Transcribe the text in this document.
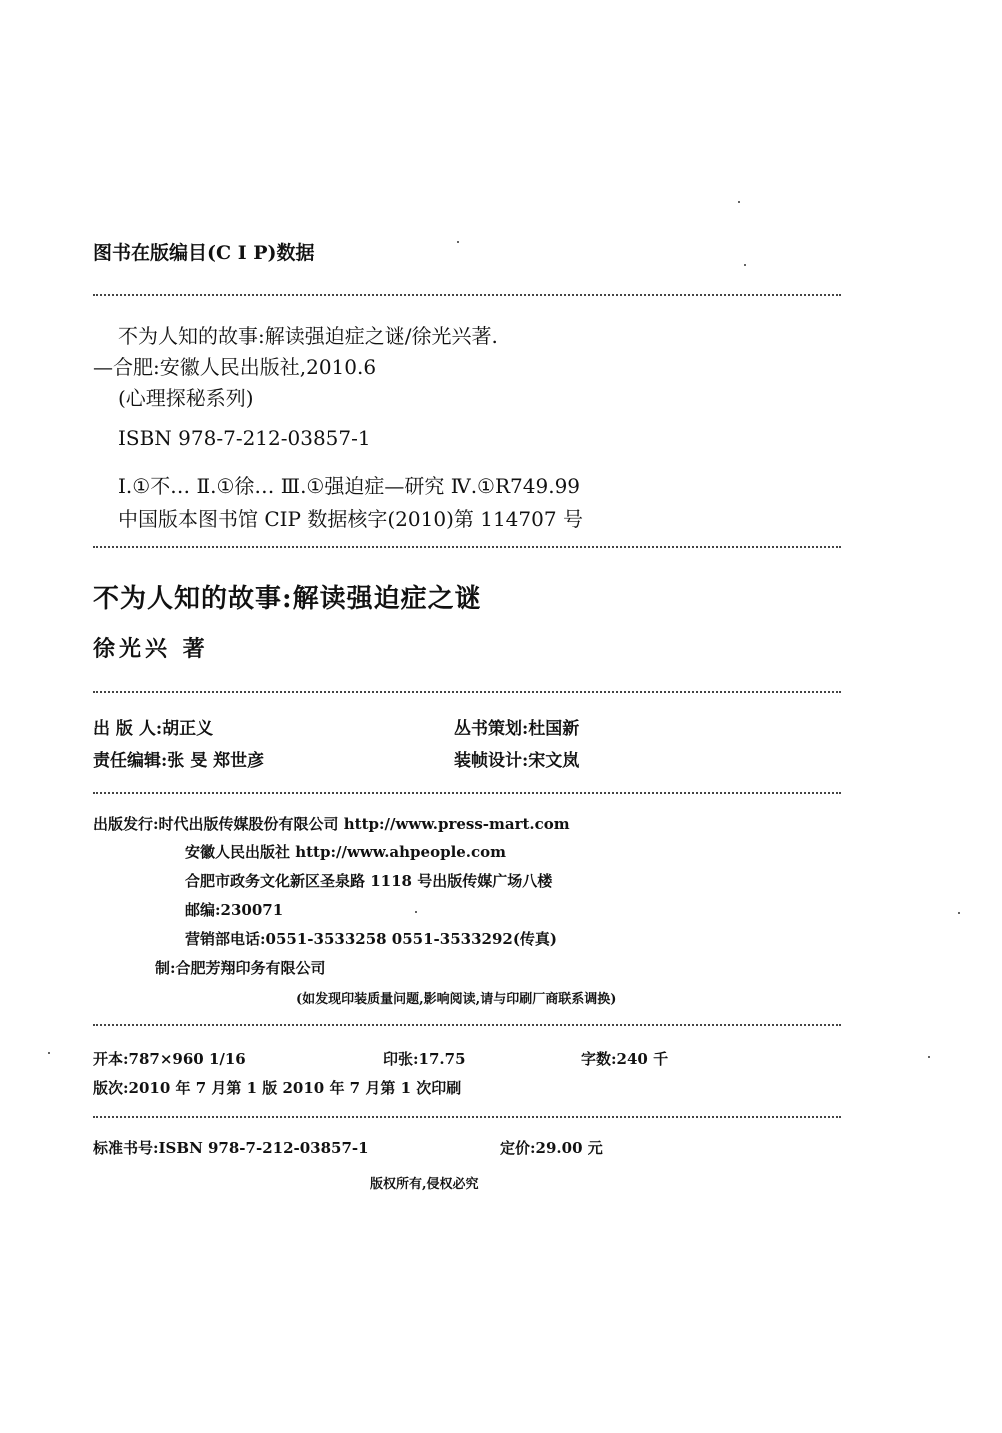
图书在版编目(C I P)数据
不为人知的故事:解读强迫症之谜/徐光兴著.
—合肥:安徽人民出版社,2010.6
(心理探秘系列)
ISBN 978-7-212-03857-1
Ⅰ.①不… Ⅱ.①徐… Ⅲ.①强迫症—研究 Ⅳ.①R749.99
中国版本图书馆 CIP 数据核字(2010)第 114707 号
不为人知的故事:解读强迫症之谜
徐光兴 著
出 版 人:胡正义	丛书策划:杜国新
责任编辑:张 旻 郑世彦	装帧设计:宋文岚
出版发行:时代出版传媒股份有限公司 http://www.press-mart.com
安徽人民出版社 http://www.ahpeople.com
合肥市政务文化新区圣泉路 1118 号出版传媒广场八楼
邮编:230071
营销部电话:0551-3533258 0551-3533292(传真)
制:合肥芳翔印务有限公司
(如发现印装质量问题,影响阅读,请与印刷厂商联系调换)
开本:787×960 1/16	印张:17.75	字数:240 千
版次:2010 年 7 月第 1 版 2010 年 7 月第 1 次印刷
标准书号:ISBN 978-7-212-03857-1	定价:29.00 元
版权所有,侵权必究
